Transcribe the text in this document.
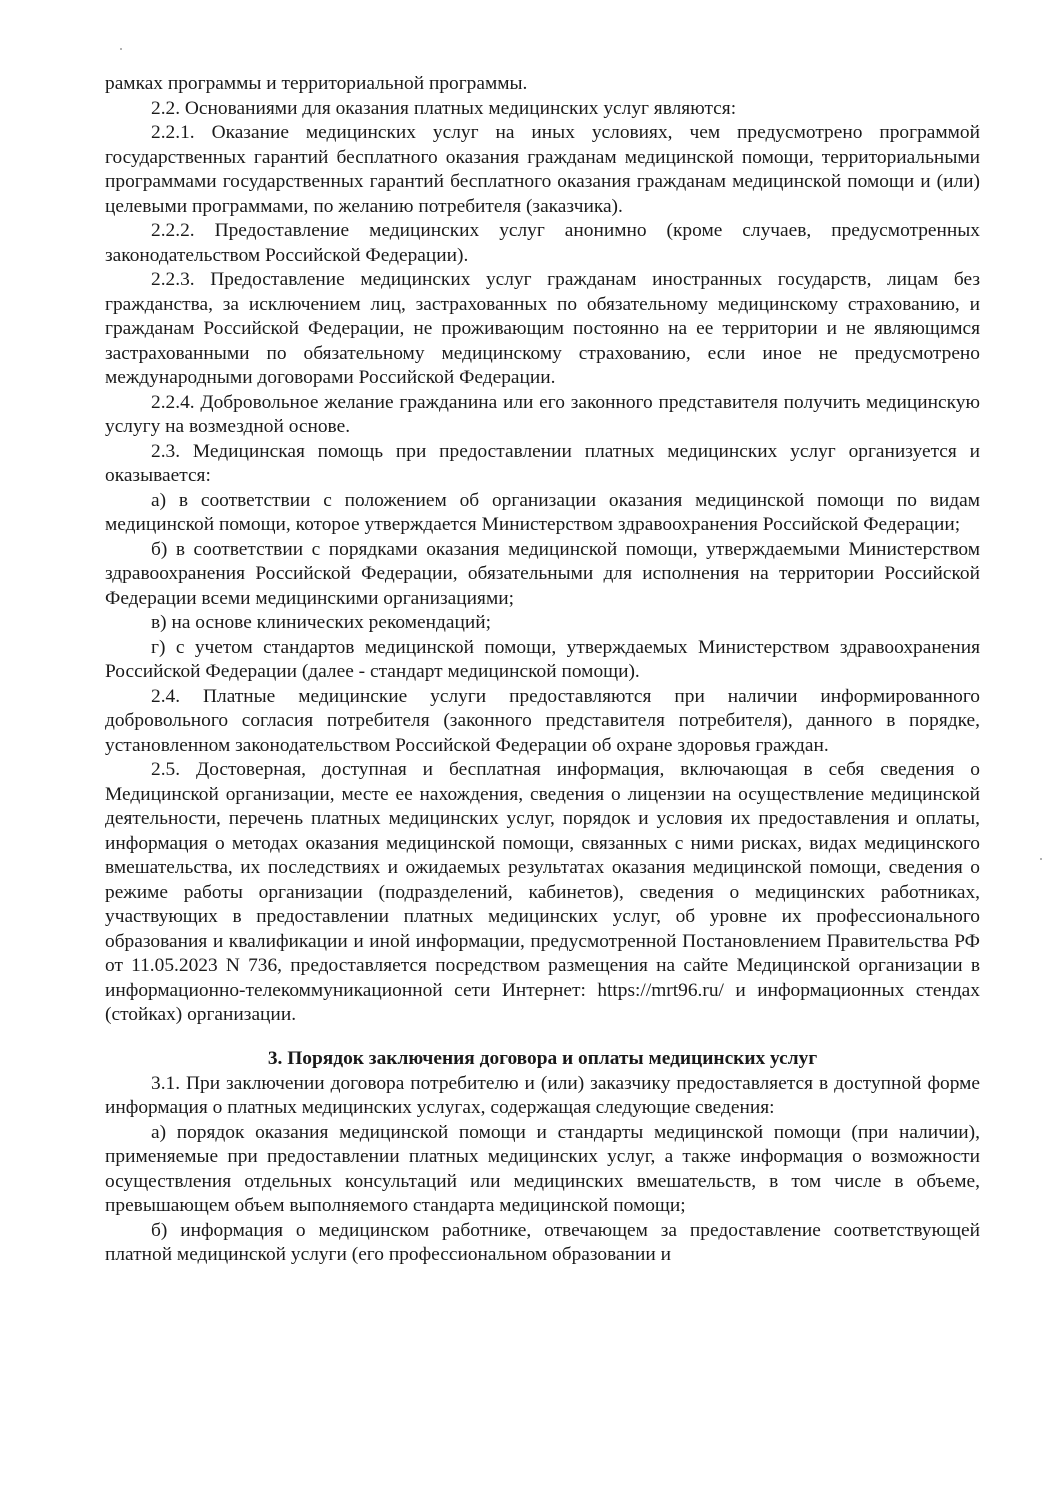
рамках программы и территориальной программы.

2.2. Основаниями для оказания платных медицинских услуг являются:

2.2.1. Оказание медицинских услуг на иных условиях, чем предусмотрено программой государственных гарантий бесплатного оказания гражданам медицинской помощи, территориальными программами государственных гарантий бесплатного оказания гражданам медицинской помощи и (или) целевыми программами, по желанию потребителя (заказчика).

2.2.2. Предоставление медицинских услуг анонимно (кроме случаев, предусмотренных законодательством Российской Федерации).

2.2.3. Предоставление медицинских услуг гражданам иностранных государств, лицам без гражданства, за исключением лиц, застрахованных по обязательному медицинскому страхованию, и гражданам Российской Федерации, не проживающим постоянно на ее территории и не являющимся застрахованными по обязательному медицинскому страхованию, если иное не предусмотрено международными договорами Российской Федерации.

2.2.4. Добровольное желание гражданина или его законного представителя получить медицинскую услугу на возмездной основе.

2.3. Медицинская помощь при предоставлении платных медицинских услуг организуется и оказывается:

а) в соответствии с положением об организации оказания медицинской помощи по видам медицинской помощи, которое утверждается Министерством здравоохранения Российской Федерации;

б) в соответствии с порядками оказания медицинской помощи, утверждаемыми Министерством здравоохранения Российской Федерации, обязательными для исполнения на территории Российской Федерации всеми медицинскими организациями;

в) на основе клинических рекомендаций;

г) с учетом стандартов медицинской помощи, утверждаемых Министерством здравоохранения Российской Федерации (далее - стандарт медицинской помощи).

2.4. Платные медицинские услуги предоставляются при наличии информированного добровольного согласия потребителя (законного представителя потребителя), данного в порядке, установленном законодательством Российской Федерации об охране здоровья граждан.

2.5. Достоверная, доступная и бесплатная информация, включающая в себя сведения о Медицинской организации, месте ее нахождения, сведения о лицензии на осуществление медицинской деятельности, перечень платных медицинских услуг, порядок и условия их предоставления и оплаты, информация о методах оказания медицинской помощи, связанных с ними рисках, видах медицинского вмешательства, их последствиях и ожидаемых результатах оказания медицинской помощи, сведения о режиме работы организации (подразделений, кабинетов), сведения о медицинских работниках, участвующих в предоставлении платных медицинских услуг, об уровне их профессионального образования и квалификации и иной информации, предусмотренной Постановлением Правительства РФ от 11.05.2023 N 736, предоставляется посредством размещения на сайте Медицинской организации в информационно-телекоммуникационной сети Интернет: https://mrt96.ru/ и информационных стендах (стойках) организации.

3. Порядок заключения договора и оплаты медицинских услуг

3.1. При заключении договора потребителю и (или) заказчику предоставляется в доступной форме информация о платных медицинских услугах, содержащая следующие сведения:

а) порядок оказания медицинской помощи и стандарты медицинской помощи (при наличии), применяемые при предоставлении платных медицинских услуг, а также информация о возможности осуществления отдельных консультаций или медицинских вмешательств, в том числе в объеме, превышающем объем выполняемого стандарта медицинской помощи;

б) информация о медицинском работнике, отвечающем за предоставление соответствующей платной медицинской услуги (его профессиональном образовании и
